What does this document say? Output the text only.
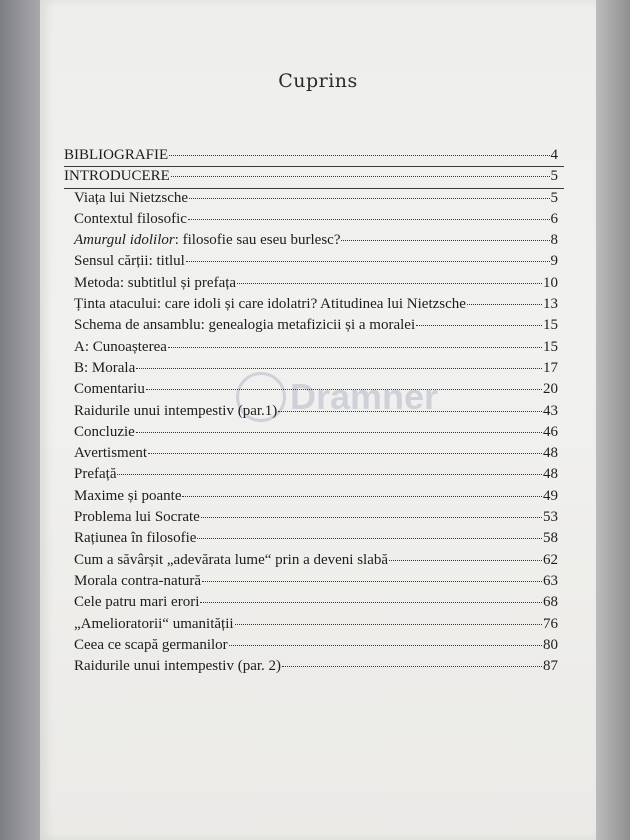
Cuprins
BIBLIOGRAFIE	4
INTRODUCERE	5
Viața lui Nietzsche	5
Contextul filosofic	6
Amurgul idolilor : filosofie sau eseu burlesc?	8
Sensul cărții: titlul	9
Metoda: subtitlul și prefața	10
Ținta atacului: care idoli și care idolatri? Atitudinea lui Nietzsche	13
Schema de ansamblu: genealogia metafizicii și a moralei	15
A: Cunoașterea	15
B: Morala	17
Comentariu	20
Raidurile unui intempestiv (par.1)	43
Concluzie	46
Avertisment	48
Prefață	48
Maxime și poante	49
Problema lui Socrate	53
Rațiunea în filosofie	58
Cum a săvârșit „adevărata lume“ prin a deveni slabă	62
Morala contra-natură	63
Cele patru mari erori	68
„Amelioratorii“ umanității	76
Ceea ce scapă germanilor	80
Raidurile unui intempestiv (par. 2)	87
Dramner
